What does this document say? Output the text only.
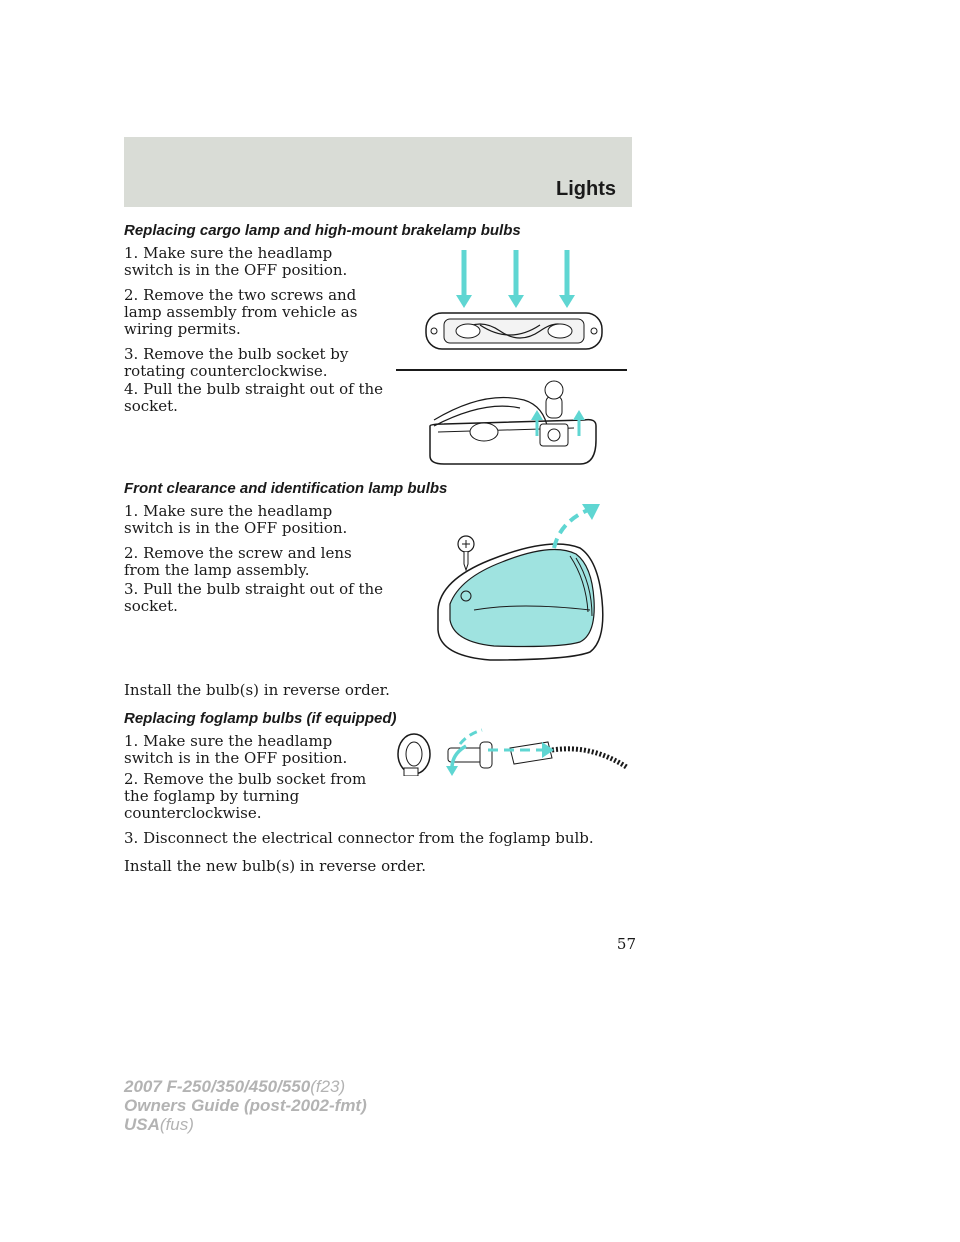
Lights
Replacing cargo lamp and high-mount brakelamp bulbs

1. Make sure the headlamp switch is in the OFF position.

2. Remove the two screws and lamp assembly from vehicle as wiring permits.

3. Remove the bulb socket by rotating counterclockwise.

4. Pull the bulb straight out of the socket.

Front clearance and identification lamp bulbs

1. Make sure the headlamp switch is in the OFF position.

2. Remove the screw and lens from the lamp assembly.

3. Pull the bulb straight out of the socket.

Install the bulb(s) in reverse order.

Replacing foglamp bulbs (if equipped)

1. Make sure the headlamp switch is in the OFF position.

2. Remove the bulb socket from the foglamp by turning counterclockwise.

3. Disconnect the electrical connector from the foglamp bulb.

Install the new bulb(s) in reverse order.

57
2007 F-250/350/450/550(f23)
Owners Guide (post-2002-fmt)
USA(fus)
